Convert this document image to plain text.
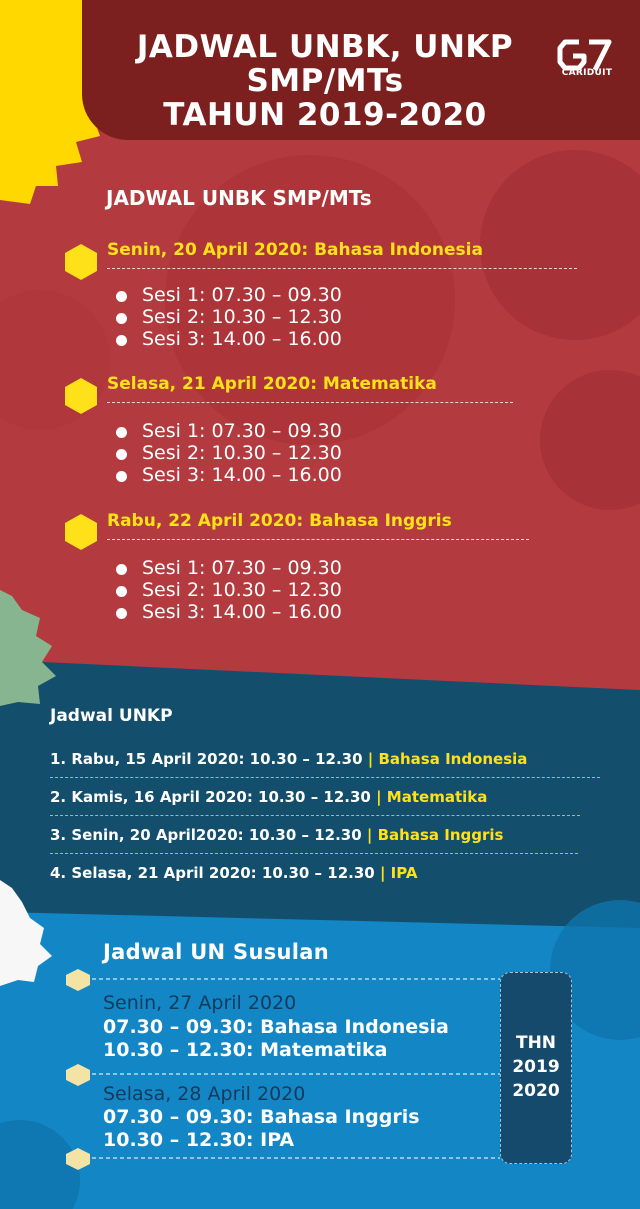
JADWAL UNBK, UNKP
SMP/MTs
TAHUN 2019-2020
CARIDUIT
JADWAL UNBK SMP/MTs
Senin, 20 April 2020: Bahasa Indonesia
Sesi 1: 07.30 – 09.30
Sesi 2: 10.30 – 12.30
Sesi 3: 14.00 – 16.00
Selasa, 21 April 2020: Matematika
Sesi 1: 07.30 – 09.30
Sesi 2: 10.30 – 12.30
Sesi 3: 14.00 – 16.00
Rabu, 22 April 2020: Bahasa Inggris
Sesi 1: 07.30 – 09.30
Sesi 2: 10.30 – 12.30
Sesi 3: 14.00 – 16.00
Jadwal UNKP
1. Rabu, 15 April 2020: 10.30 – 12.30 | Bahasa Indonesia
2. Kamis, 16 April 2020: 10.30 – 12.30 | Matematika
3. Senin, 20 April2020: 10.30 – 12.30 | Bahasa Inggris
4. Selasa, 21 April 2020: 10.30 – 12.30 | IPA
Jadwal UN Susulan
Senin, 27 April 2020
07.30 – 09.30: Bahasa Indonesia
10.30 – 12.30: Matematika
Selasa, 28 April 2020
07.30 – 09.30: Bahasa Inggris
10.30 – 12.30: IPA
THN
2019
2020
